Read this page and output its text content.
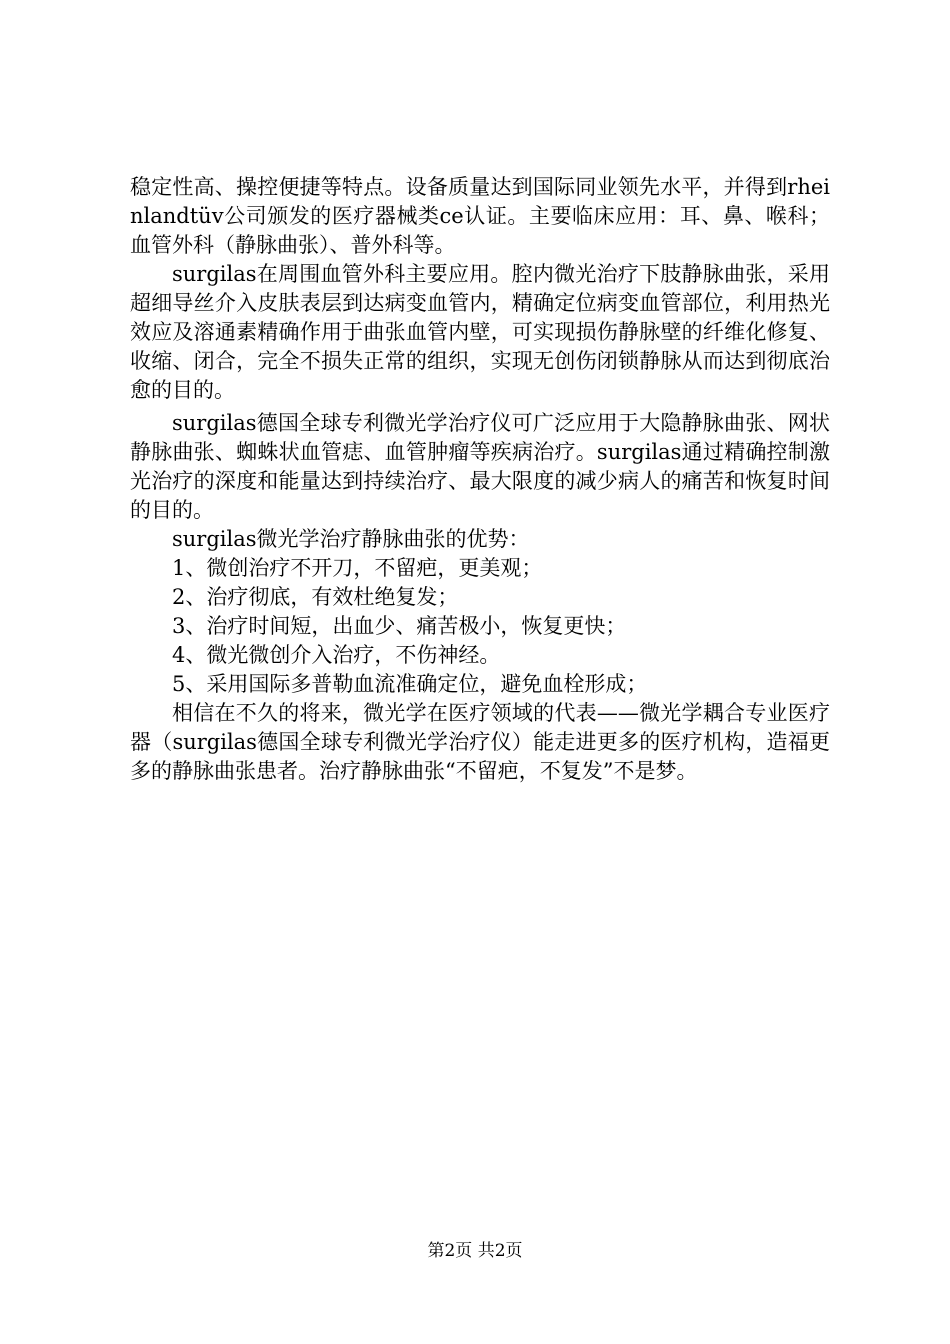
稳定性高、操控便捷等特点。设备质量达到国际同业领先水平，并得到rheinlandtüv公司颁发的医疗器械类ce认证。主要临床应用：耳、鼻、喉科；血管外科（静脉曲张）、普外科等。

surgilas在周围血管外科主要应用。腔内微光治疗下肢静脉曲张，采用超细导丝介入皮肤表层到达病变血管内，精确定位病变血管部位，利用热光效应及溶通素精确作用于曲张血管内壁，可实现损伤静脉壁的纤维化修复、收缩、闭合，完全不损失正常的组织，实现无创伤闭锁静脉从而达到彻底治愈的目的。

surgilas德国全球专利微光学治疗仪可广泛应用于大隐静脉曲张、网状静脉曲张、蜘蛛状血管痣、血管肿瘤等疾病治疗。surgilas通过精确控制激光治疗的深度和能量达到持续治疗、最大限度的减少病人的痛苦和恢复时间的目的。

surgilas微光学治疗静脉曲张的优势：

1、微创治疗不开刀，不留疤，更美观；

2、治疗彻底，有效杜绝复发；

3、治疗时间短，出血少、痛苦极小，恢复更快；

4、微光微创介入治疗，不伤神经。

5、采用国际多普勒血流准确定位，避免血栓形成；

相信在不久的将来，微光学在医疗领域的代表——微光学耦合专业医疗器（surgilas德国全球专利微光学治疗仪）能走进更多的医疗机构，造福更多的静脉曲张患者。治疗静脉曲张“不留疤，不复发”不是梦。

第2页 共2页
